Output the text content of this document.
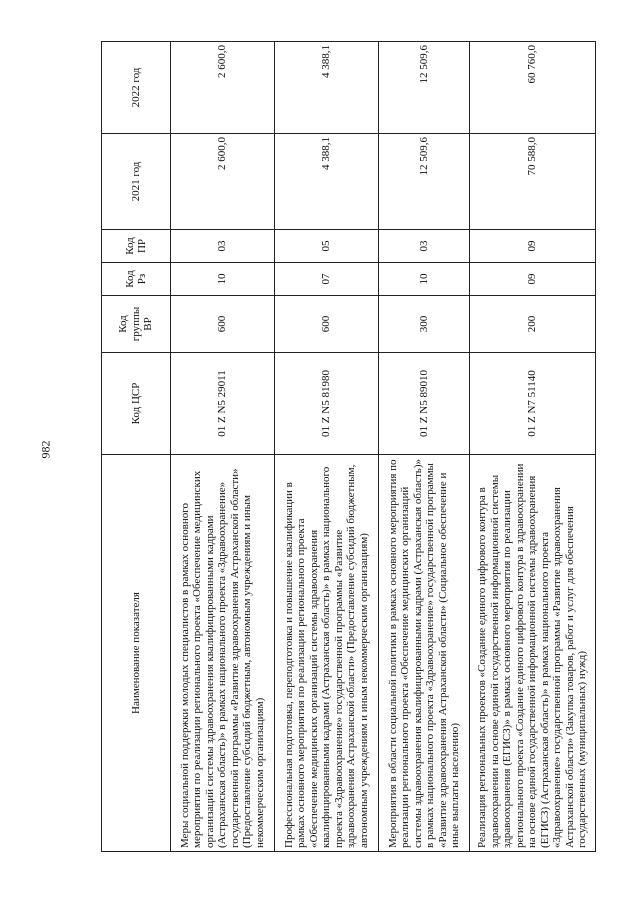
982
Наименование показателя	Код ЦСР	Код группы ВР	Код Рз	Код ПР	2021 год	2022 год
Меры социальной поддержки молодых специалистов в рамках основного мероприятия по реализации регионального проекта «Обеспечение медицинских организаций системы здравоохранения квалифицированными кадрами (Астраханская область)» в рамках национального проекта «Здравоохранение» государственной программы «Развитие здравоохранения Астраханской области» (Предоставление субсидий бюджетным, автономным учреждениям и иным некоммерческим организациям)	01 Z N5 29011	600	10	03	2 600,0	2 600,0
Профессиональная подготовка, переподготовка и повышение квалификации в рамках основного мероприятия по реализации регионального проекта «Обеспечение медицинских организаций системы здравоохранения квалифицированными кадрами (Астраханская область)» в рамках национального проекта «Здравоохранение» государственной программы «Развитие здравоохранения Астраханской области» (Предоставление субсидий бюджетным, автономным учреждениям и иным некоммерческим организациям)	01 Z N5 81980	600	07	05	4 388,1	4 388,1
Мероприятия в области социальной политики в рамках основного мероприятия по реализации регионального проекта «Обеспечение медицинских организаций системы здравоохранения квалифицированными кадрами (Астраханская область)» в рамках национального проекта «Здравоохранение» государственной программы «Развитие здравоохранения Астраханской области» (Социальное обеспечение и иные выплаты населению)	01 Z N5 89010	300	10	03	12 509,6	12 509,6
Реализация региональных проектов «Создание единого цифрового контура в здравоохранении на основе единой государственной информационной системы здравоохранения (ЕГИСЗ)» в рамках основного мероприятия по реализации регионального проекта «Создание единого цифрового контура в здравоохранении на основе единой государственной информационной системы здравоохранения (ЕГИСЗ) (Астраханская область)» в рамках национального проекта «Здравоохранение» государственной программы «Развитие здравоохранения Астраханской области» (Закупка товаров, работ и услуг для обеспечения государственных (муниципальных) нужд)	01 Z N7 51140	200	09	09	70 588,0	60 760,0
